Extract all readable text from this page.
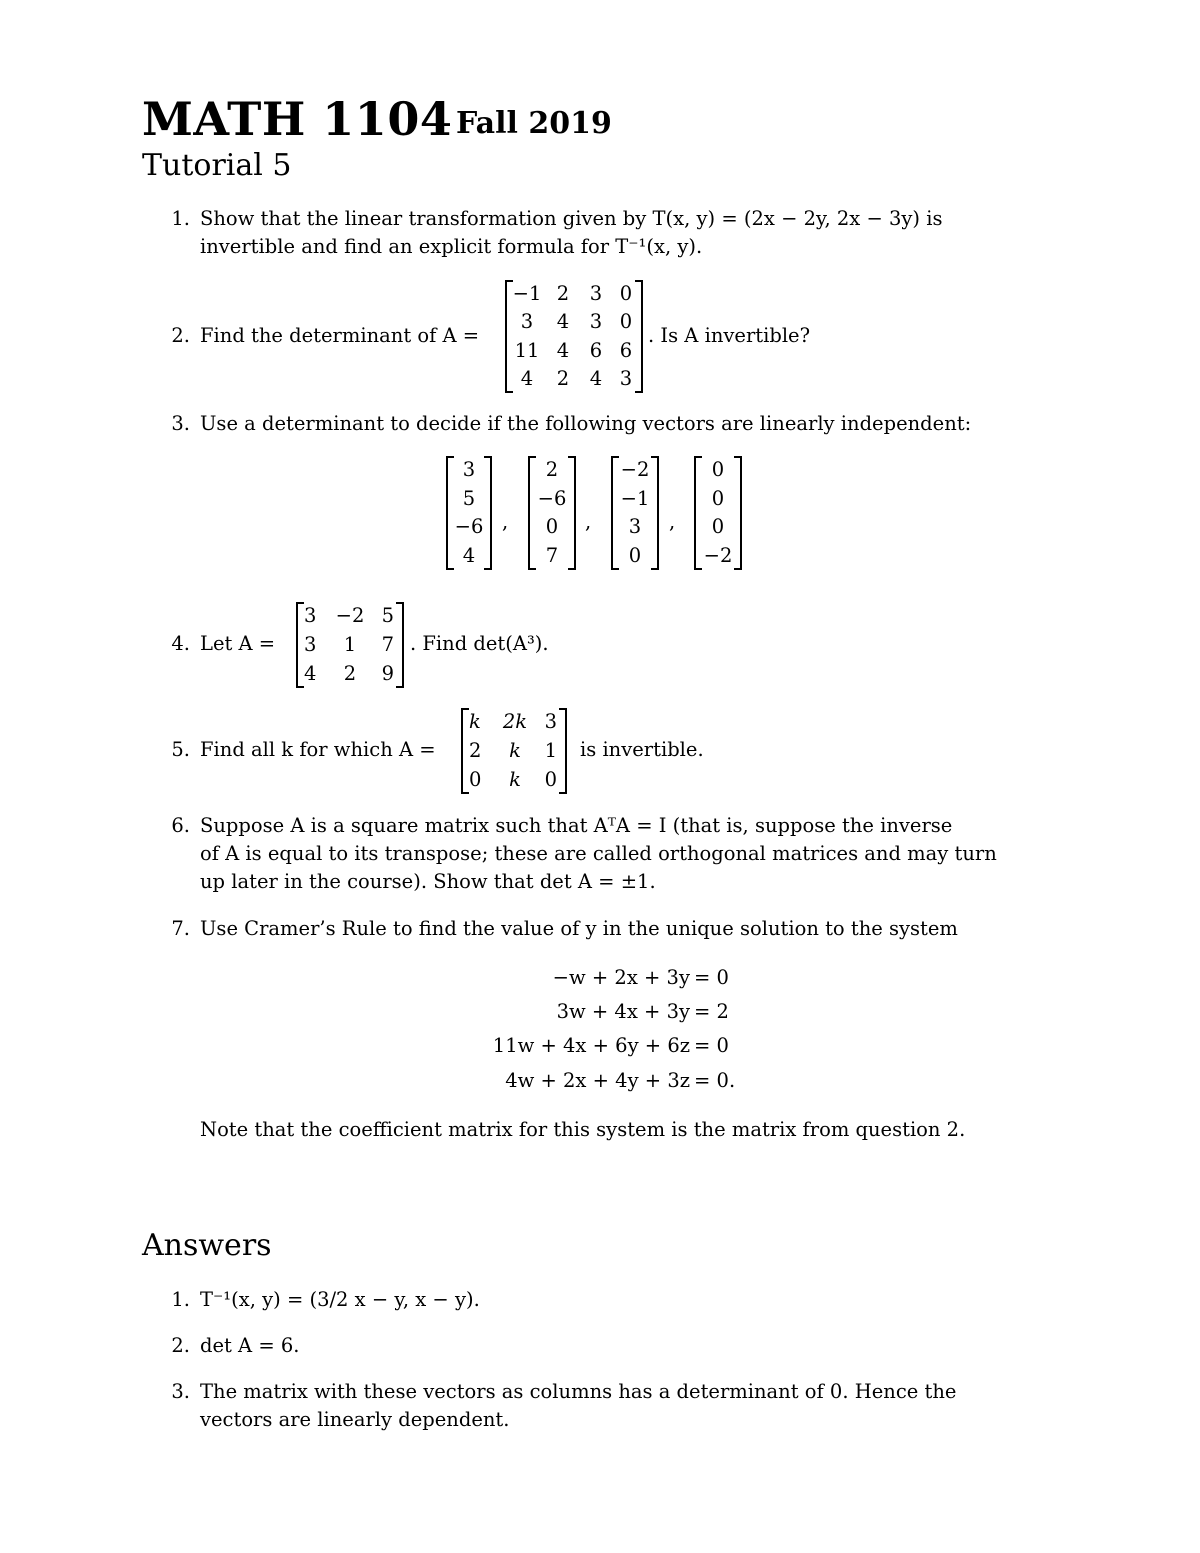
MATH 1104 Fall 2019
Tutorial 5
1. Show that the linear transformation given by T(x, y) = (2x − 2y, 2x − 3y) is
invertible and find an explicit formula for T⁻¹(x, y).
2. Find the determinant of A =
−1 2	3 0
3	4	3 0
11 4	6 6
4	2	4 3
. Is A invertible?
3. Use a determinant to decide if the following vectors are linearly independent:
3
5
−6
4
,
2
−6
0
7
,
−2
−1
3
0
,
0
0
0
−2
4. Let A =
3 −2 5
3	1	7
4	2	9
. Find det(A³).
5. Find all k for which A =
k	2k 3
2	k	1
0	k	0
is invertible.
6. Suppose A is a square matrix such that AᵀA = I (that is, suppose the inverse
of A is equal to its transpose; these are called orthogonal matrices and may turn
up later in the course). Show that det A = ±1.
7. Use Cramer’s Rule to find the value of y in the unique solution to the system
−w + 2x + 3y = 0
3w + 4x + 3y = 2
11w + 4x + 6y + 6z = 0
4w + 2x + 4y + 3z = 0.
Note that the coefficient matrix for this system is the matrix from question 2.
Answers
1. T⁻¹(x, y) = (3/2 x − y, x − y).
2. det A = 6.
3. The matrix with these vectors as columns has a determinant of 0. Hence the
vectors are linearly dependent.
